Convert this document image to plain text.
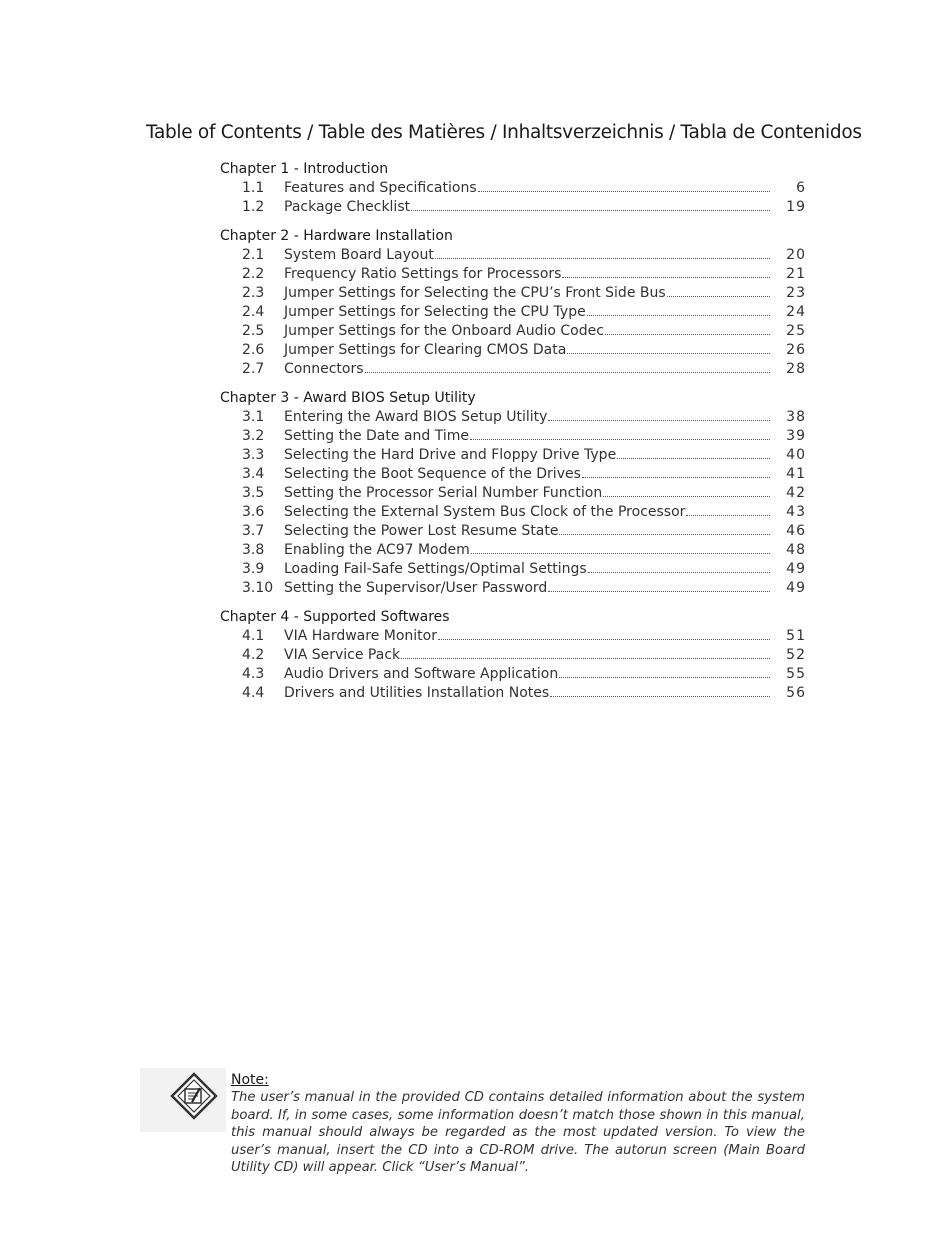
Table of Contents / Table des Matières / Inhaltsverzeichnis / Tabla de Contenidos
Chapter 1 - Introduction
1.1 Features and Specifications	6
1.2 Package Checklist	19
Chapter 2 - Hardware Installation
2.1 System Board Layout	20
2.2 Frequency Ratio Settings for Processors	21
2.3 Jumper Settings for Selecting the CPU’s Front Side Bus	23
2.4 Jumper Settings for Selecting the CPU Type	24
2.5 Jumper Settings for the Onboard Audio Codec	25
2.6 Jumper Settings for Clearing CMOS Data	26
2.7 Connectors	28
Chapter 3 - Award BIOS Setup Utility
3.1 Entering the Award BIOS Setup Utility	38
3.2 Setting the Date and Time	39
3.3 Selecting the Hard Drive and Floppy Drive Type	40
3.4 Selecting the Boot Sequence of the Drives	41
3.5 Setting the Processor Serial Number Function	42
3.6 Selecting the External System Bus Clock of the Processor	43
3.7 Selecting the Power Lost Resume State	46
3.8 Enabling the AC97 Modem	48
3.9 Loading Fail-Safe Settings/Optimal Settings	49
3.10 Setting the Supervisor/User Password	49
Chapter 4 - Supported Softwares
4.1 VIA Hardware Monitor	51
4.2 VIA Service Pack	52
4.3 Audio Drivers and Software Application	55
4.4 Drivers and Utilities Installation Notes	56
Note:
The user’s manual in the provided CD contains detailed information about the system board. If, in some cases, some information doesn’t match those shown in this manual, this manual should always be regarded as the most updated version. To view the user’s manual, insert the CD into a CD-ROM drive. The autorun screen (Main Board Utility CD) will appear. Click “User’s Manual”.
